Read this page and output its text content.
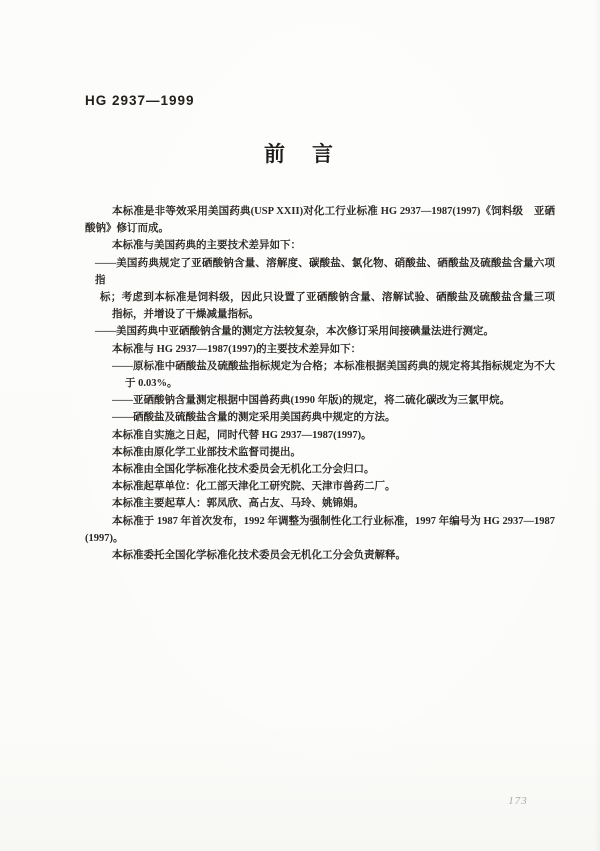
HG 2937—1999
前　言
本标准是非等效采用美国药典(USP XXII)对化工行业标准 HG 2937—1987(1997)《饲料级　亚硒
酸钠》修订而成。
本标准与美国药典的主要技术差异如下：
——美国药典规定了亚硒酸钠含量、溶解度、碳酸盐、氯化物、硝酸盐、硒酸盐及硫酸盐含量六项指
标；考虑到本标准是饲料级，因此只设置了亚硒酸钠含量、溶解试验、硒酸盐及硫酸盐含量三项
指标，并增设了干燥减量指标。
——美国药典中亚硒酸钠含量的测定方法较复杂，本次修订采用间接碘量法进行测定。
本标准与 HG 2937—1987(1997)的主要技术差异如下：
——原标准中硒酸盐及硫酸盐指标规定为合格；本标准根据美国药典的规定将其指标规定为不大
于 0.03%。
——亚硒酸钠含量测定根据中国兽药典(1990 年版)的规定，将二硫化碳改为三氯甲烷。
——硒酸盐及硫酸盐含量的测定采用美国药典中规定的方法。
本标准自实施之日起，同时代替 HG 2937—1987(1997)。
本标准由原化学工业部技术监督司提出。
本标准由全国化学标准化技术委员会无机化工分会归口。
本标准起草单位：化工部天津化工研究院、天津市兽药二厂。
本标准主要起草人：郭凤欣、高占友、马玲、姚锦娟。
本标准于 1987 年首次发布，1992 年调整为强制性化工行业标准，1997 年编号为 HG 2937—1987
(1997)。
本标准委托全国化学标准化技术委员会无机化工分会负责解释。
173
